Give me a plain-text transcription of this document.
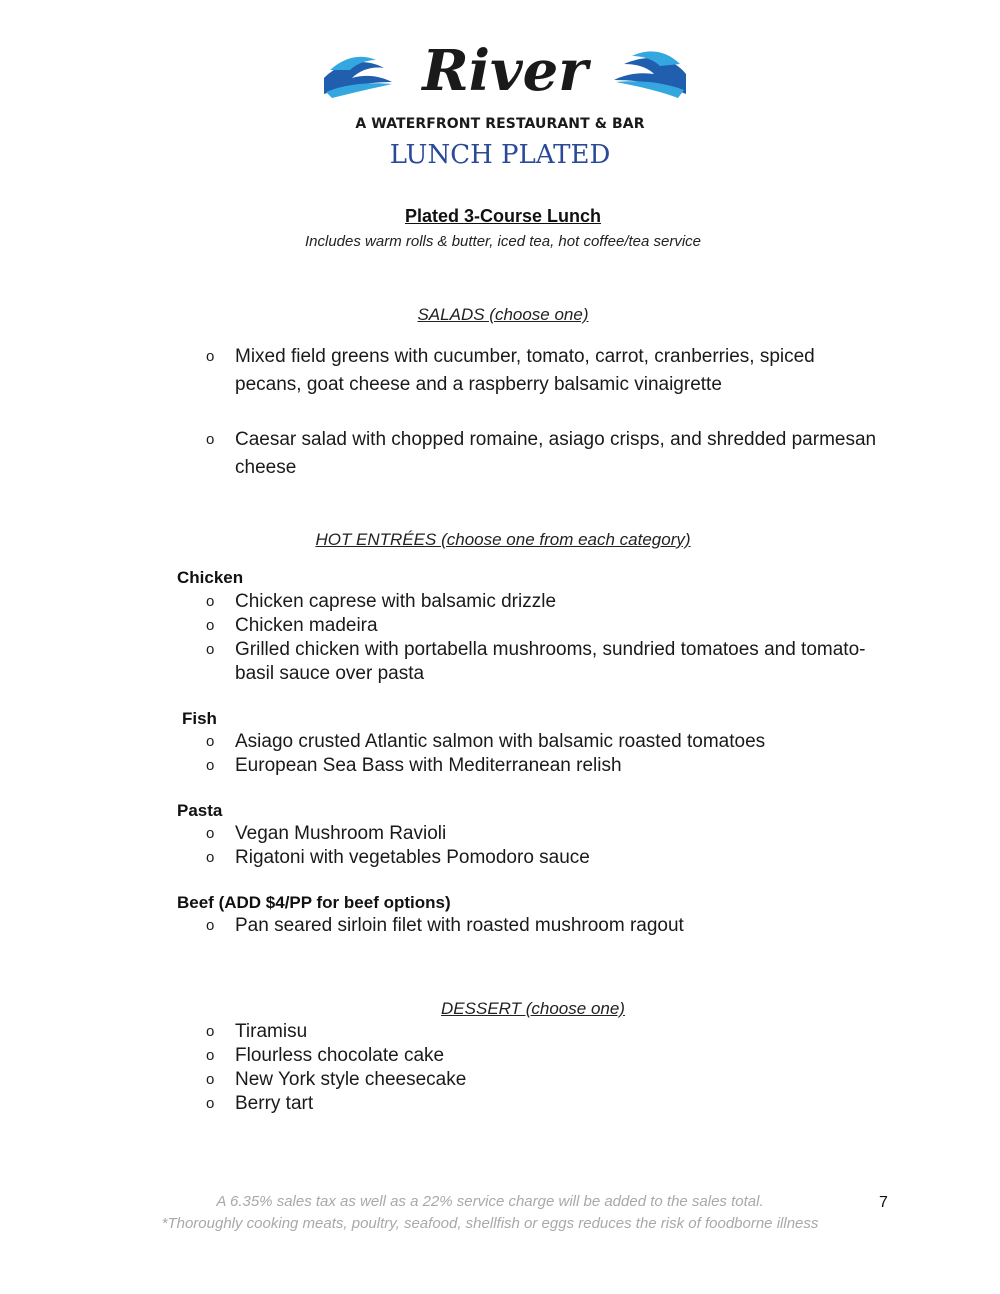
River
A WATERFRONT RESTAURANT & BAR
LUNCH PLATED
Plated 3-Course Lunch
Includes warm rolls & butter, iced tea, hot coffee/tea service
SALADS (choose one)
o Mixed field greens with cucumber, tomato, carrot, cranberries, spiced pecans, goat cheese and a raspberry balsamic vinaigrette
o Caesar salad with chopped romaine, asiago crisps, and shredded parmesan cheese
HOT ENTRÉES (choose one from each category)
Chicken
o Chicken caprese with balsamic drizzle
o Chicken madeira
o Grilled chicken with portabella mushrooms, sundried tomatoes and tomato-basil sauce over pasta
Fish
o Asiago crusted Atlantic salmon with balsamic roasted tomatoes
o European Sea Bass with Mediterranean relish
Pasta
o Vegan Mushroom Ravioli
o Rigatoni with vegetables Pomodoro sauce
Beef (ADD $4/PP for beef options)
o Pan seared sirloin filet with roasted mushroom ragout
DESSERT (choose one)
o Tiramisu
o Flourless chocolate cake
o New York style cheesecake
o Berry tart
7
A 6.35% sales tax as well as a 22% service charge will be added to the sales total.
*Thoroughly cooking meats, poultry, seafood, shellfish or eggs reduces the risk of foodborne illness
